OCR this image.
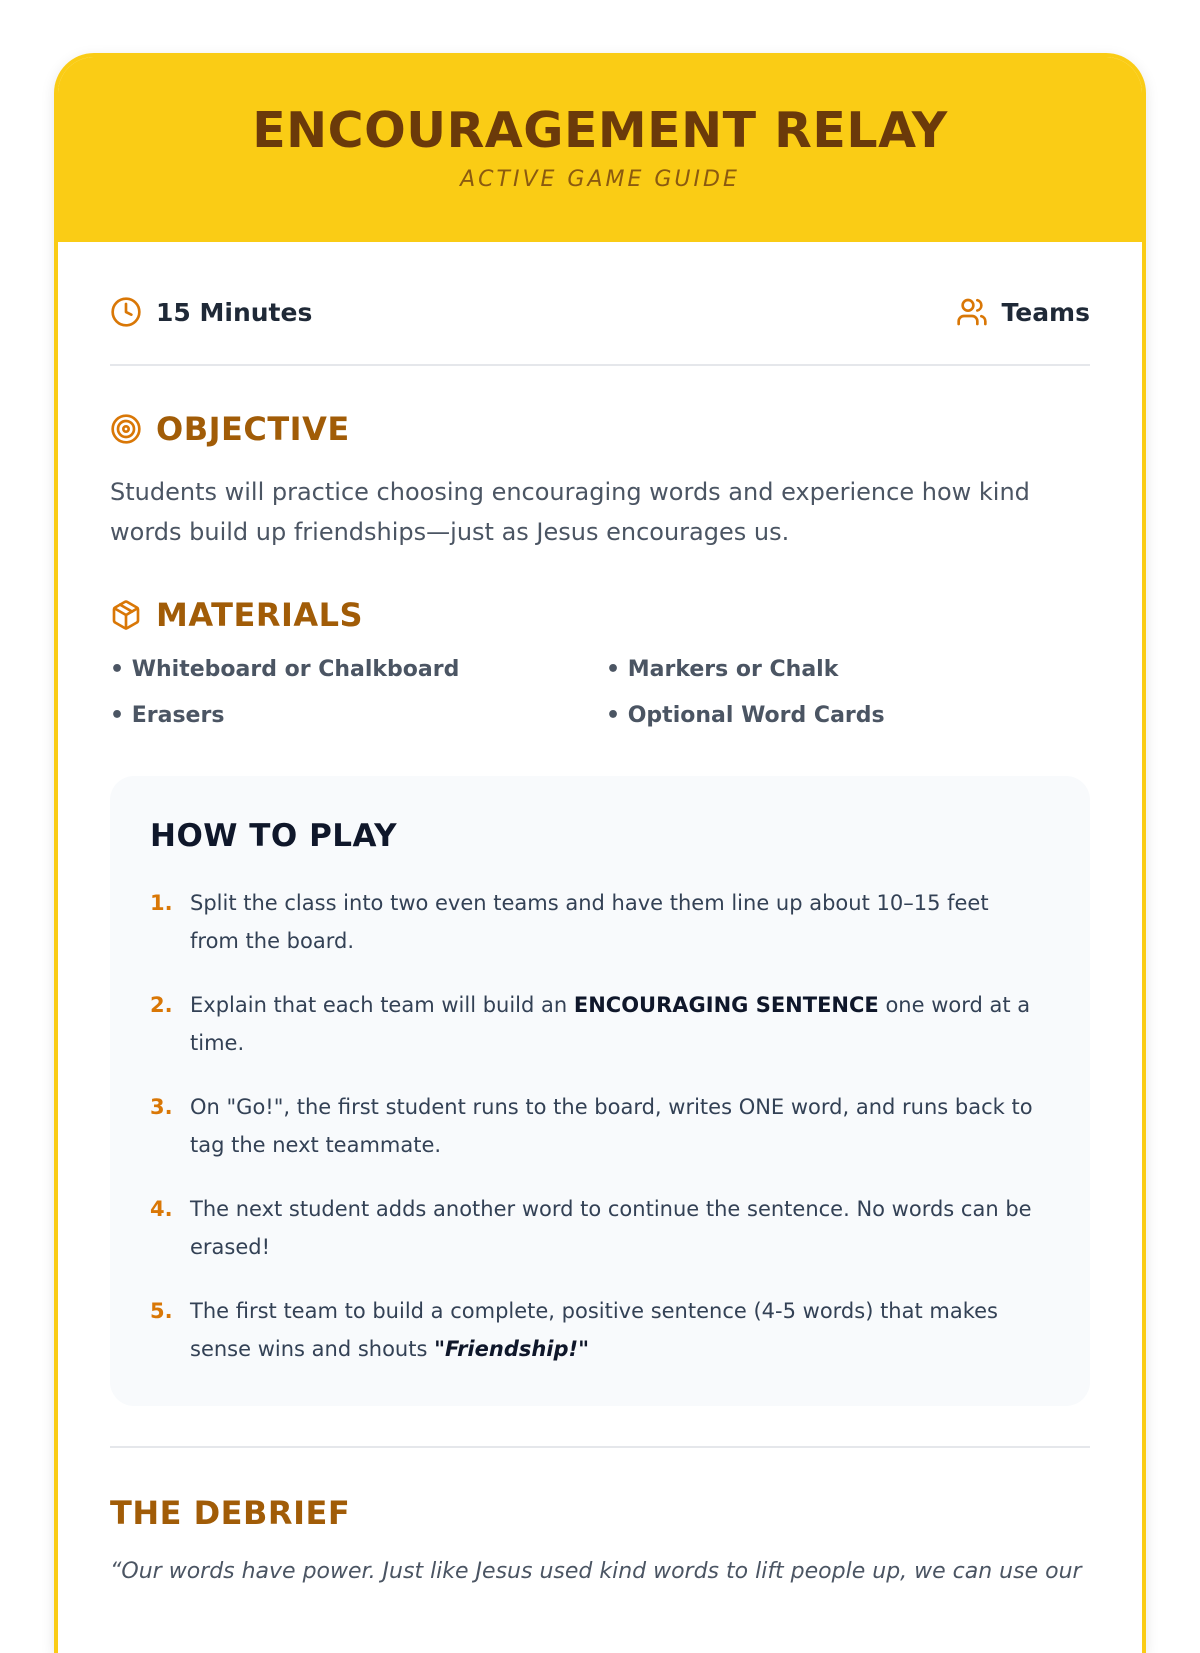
ENCOURAGEMENT RELAY
ACTIVE GAME GUIDE
15 Minutes	Teams
OBJECTIVE
Students will practice choosing encouraging words and experience how kind words build up friendships—just as Jesus encourages us.
MATERIALS
• Whiteboard or Chalkboard	• Markers or Chalk
• Erasers	• Optional Word Cards
HOW TO PLAY
1. Split the class into two even teams and have them line up about 10–15 feet from the board.
2. Explain that each team will build an ENCOURAGING SENTENCE one word at a time.
3. On "Go!", the first student runs to the board, writes ONE word, and runs back to tag the next teammate.
4. The next student adds another word to continue the sentence. No words can be erased!
5. The first team to build a complete, positive sentence (4-5 words) that makes sense wins and shouts "Friendship!"
THE DEBRIEF
“Our words have power. Just like Jesus used kind words to lift people up, we can use our
